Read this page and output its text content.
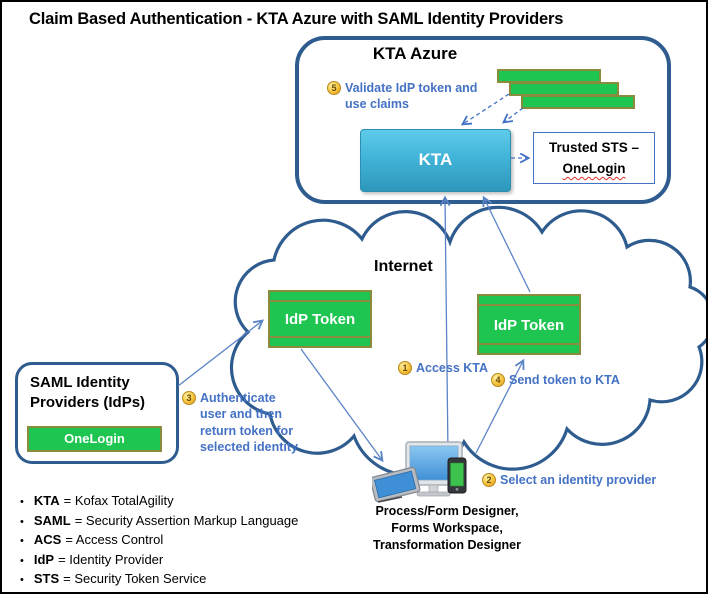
Claim Based Authentication - KTA Azure with SAML Identity Providers
KTA Azure
KTA
Trusted STS –
OneLogin
Internet
IdP Token	IdP Token
SAML Identity Providers (IdPs)
OneLogin
Process/Form Designer,
Forms Workspace,
Transformation Designer
5 Validate IdP token and use claims
1 Access KTA
4 Send token to KTA
3 Authenticate user and then return token for selected identity
2 Select an identity provider
• KTA = Kofax TotalAgility
• SAML = Security Assertion Markup Language
• ACS = Access Control
• IdP = Identity Provider
• STS = Security Token Service
